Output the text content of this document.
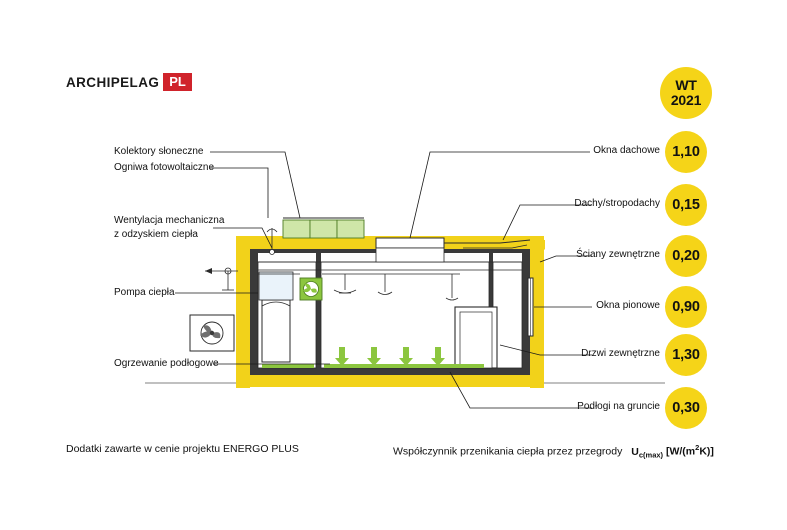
ARCHIPELAG PL
Kolektory słoneczne
Ogniwa fotowoltaiczne
Wentylacja mechaniczna
z odzyskiem ciepła
Pompa ciepła
Ogrzewanie podłogowe
Okna dachowe
Dachy/stropodachy
Ściany zewnętrzne
Okna pionowe
Drzwi zewnętrzne
Podłogi na gruncie
WT
2021
1,10
0,15
0,20
0,90
1,30
0,30
Dodatki zawarte w cenie projektu ENERGO PLUS	Współczynnik przenikania ciepła przez przegrody $U_{c(max)}$ $[W/(m^2K)]$
